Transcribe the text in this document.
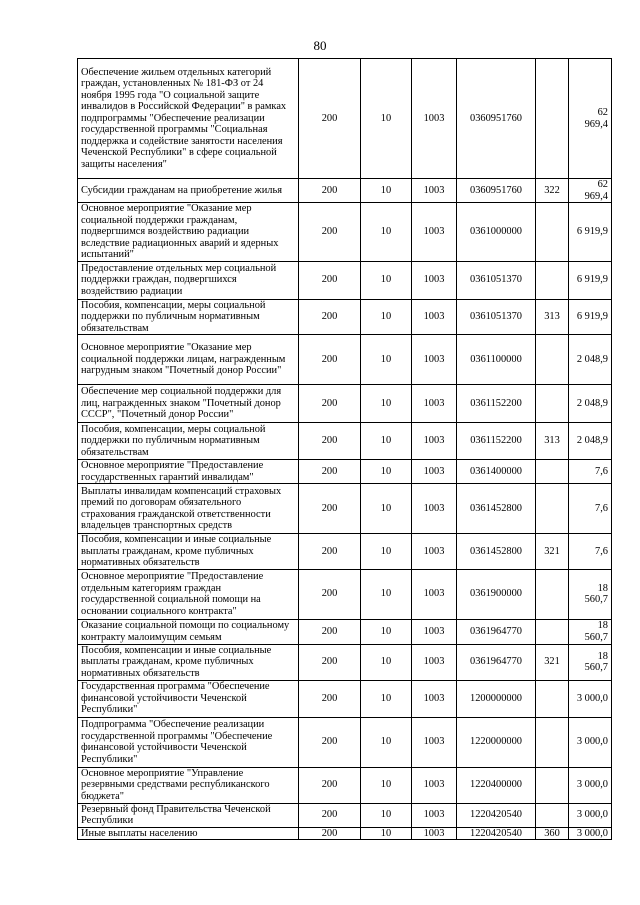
80
Обеспечение жильем отдельных категорий граждан, установленных № 181-ФЗ от 24 ноября 1995 года "О социальной защите инвалидов в Российской Федерации" в рамках подпрограммы "Обеспечение реализации государственной программы "Социальная поддержка и содействие занятости населения Чеченской Республики" в сфере социальной защиты населения"	200	10	1003	0360951760		62 969,4
Субсидии гражданам на приобретение жилья	200	10	1003	0360951760	322	62 969,4
Основное мероприятие "Оказание мер социальной поддержки гражданам, подвергшимся воздействию радиации вследствие радиационных аварий и ядерных испытаний"	200	10	1003	0361000000		6 919,9
Предоставление отдельных мер социальной поддержки граждан, подвергшихся воздействию радиации	200	10	1003	0361051370		6 919,9
Пособия, компенсации, меры социальной поддержки по публичным нормативным обязательствам	200	10	1003	0361051370	313	6 919,9
Основное мероприятие "Оказание мер социальной поддержки лицам, награжденным нагрудным знаком "Почетный донор России"	200	10	1003	0361100000		2 048,9
Обеспечение мер социальной поддержки для лиц, награжденных знаком "Почетный донор СССР", "Почетный донор России"	200	10	1003	0361152200		2 048,9
Пособия, компенсации, меры социальной поддержки по публичным нормативным обязательствам	200	10	1003	0361152200	313	2 048,9
Основное мероприятие "Предоставление государственных гарантий инвалидам"	200	10	1003	0361400000		7,6
Выплаты инвалидам компенсаций страховых премий по договорам обязательного страхования гражданской ответственности владельцев транспортных средств	200	10	1003	0361452800		7,6
Пособия, компенсации и иные социальные выплаты гражданам, кроме публичных нормативных обязательств	200	10	1003	0361452800	321	7,6
Основное мероприятие "Предоставление отдельным категориям граждан государственной социальной помощи на основании социального контракта"	200	10	1003	0361900000		18 560,7
Оказание социальной помощи по социальному контракту малоимущим семьям	200	10	1003	0361964770		18 560,7
Пособия, компенсации и иные социальные выплаты гражданам, кроме публичных нормативных обязательств	200	10	1003	0361964770	321	18 560,7
Государственная программа "Обеспечение финансовой устойчивости Чеченской Республики"	200	10	1003	1200000000		3 000,0
Подпрограмма "Обеспечение реализации государственной программы "Обеспечение финансовой устойчивости Чеченской Республики"	200	10	1003	1220000000		3 000,0
Основное мероприятие "Управление резервными средствами республиканского бюджета"	200	10	1003	1220400000		3 000,0
Резервный фонд Правительства Чеченской Республики	200	10	1003	1220420540		3 000,0
Иные выплаты населению	200	10	1003	1220420540	360	3 000,0
